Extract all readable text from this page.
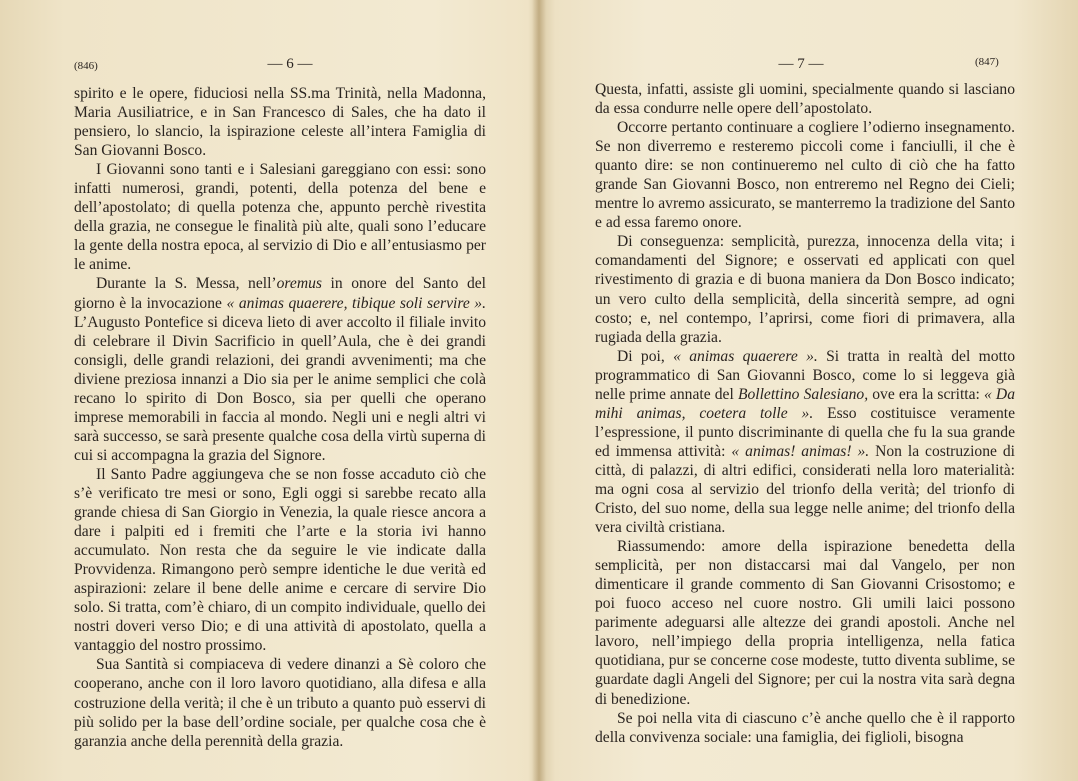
(846)	— 6 —

spirito e le opere, fiduciosi nella SS.ma Trinità, nella Madonna, Maria Ausiliatrice, e in San Francesco di Sales, che ha dato il pensiero, lo slancio, la ispirazione celeste all’intera Famiglia di San Giovanni Bosco.

I Giovanni sono tanti e i Salesiani gareggiano con essi: sono infatti numerosi, grandi, potenti, della potenza del bene e dell’apostolato; di quella potenza che, appunto perchè rivestita della grazia, ne consegue le finalità più alte, quali sono l’educare la gente della nostra epoca, al servizio di Dio e all’entusiasmo per le anime.

Durante la S. Messa, nell’oremus in onore del Santo del giorno è la invocazione « animas quaerere, tibique soli servire ». L’Augusto Pontefice si diceva lieto di aver accolto il filiale invito di celebrare il Divin Sacrificio in quell’Aula, che è dei grandi consigli, delle grandi relazioni, dei grandi avvenimenti; ma che diviene preziosa innanzi a Dio sia per le anime semplici che colà recano lo spirito di Don Bosco, sia per quelli che operano imprese memorabili in faccia al mondo. Negli uni e negli altri vi sarà successo, se sarà presente qualche cosa della virtù superna di cui si accompagna la grazia del Signore.

Il Santo Padre aggiungeva che se non fosse accaduto ciò che s’è verificato tre mesi or sono, Egli oggi si sarebbe recato alla grande chiesa di San Giorgio in Venezia, la quale riesce ancora a dare i palpiti ed i fremiti che l’arte e la storia ivi hanno accumulato. Non resta che da seguire le vie indicate dalla Provvidenza. Rimangono però sempre identiche le due verità ed aspirazioni: zelare il bene delle anime e cercare di servire Dio solo. Si tratta, com’è chiaro, di un compito individuale, quello dei nostri doveri verso Dio; e di una attività di apostolato, quella a vantaggio del nostro prossimo.

Sua Santità si compiaceva di vedere dinanzi a Sè coloro che cooperano, anche con il loro lavoro quotidiano, alla difesa e alla costruzione della verità; il che è un tributo a quanto può esservi di più solido per la base dell’ordine sociale, per qualche cosa che è garanzia anche della perennità della grazia.

— 7 —	(847)

Questa, infatti, assiste gli uomini, specialmente quando si lasciano da essa condurre nelle opere dell’apostolato.

Occorre pertanto continuare a cogliere l’odierno insegnamento. Se non diverremo e resteremo piccoli come i fanciulli, il che è quanto dire: se non continueremo nel culto di ciò che ha fatto grande San Giovanni Bosco, non entreremo nel Regno dei Cieli; mentre lo avremo assicurato, se manterremo la tradizione del Santo e ad essa faremo onore.

Di conseguenza: semplicità, purezza, innocenza della vita; i comandamenti del Signore; e osservati ed applicati con quel rivestimento di grazia e di buona maniera da Don Bosco indicato; un vero culto della semplicità, della sincerità sempre, ad ogni costo; e, nel contempo, l’aprirsi, come fiori di primavera, alla rugiada della grazia.

Di poi, « animas quaerere ». Si tratta in realtà del motto programmatico di San Giovanni Bosco, come lo si leggeva già nelle prime annate del Bollettino Salesiano, ove era la scritta: « Da mihi animas, coetera tolle ». Esso costituisce veramente l’espressione, il punto discriminante di quella che fu la sua grande ed immensa attività: « animas! animas! ». Non la costruzione di città, di palazzi, di altri edifici, considerati nella loro materialità: ma ogni cosa al servizio del trionfo della verità; del trionfo di Cristo, del suo nome, della sua legge nelle anime; del trionfo della vera civiltà cristiana.

Riassumendo: amore della ispirazione benedetta della semplicità, per non distaccarsi mai dal Vangelo, per non dimenticare il grande commento di San Giovanni Crisostomo; e poi fuoco acceso nel cuore nostro. Gli umili laici possono parimente adeguarsi alle altezze dei grandi apostoli. Anche nel lavoro, nell’impiego della propria intelligenza, nella fatica quotidiana, pur se concerne cose modeste, tutto diventa sublime, se guardate dagli Angeli del Signore; per cui la nostra vita sarà degna di benedizione.

Se poi nella vita di ciascuno c’è anche quello che è il rapporto della convivenza sociale: una famiglia, dei figlioli, bisogna
